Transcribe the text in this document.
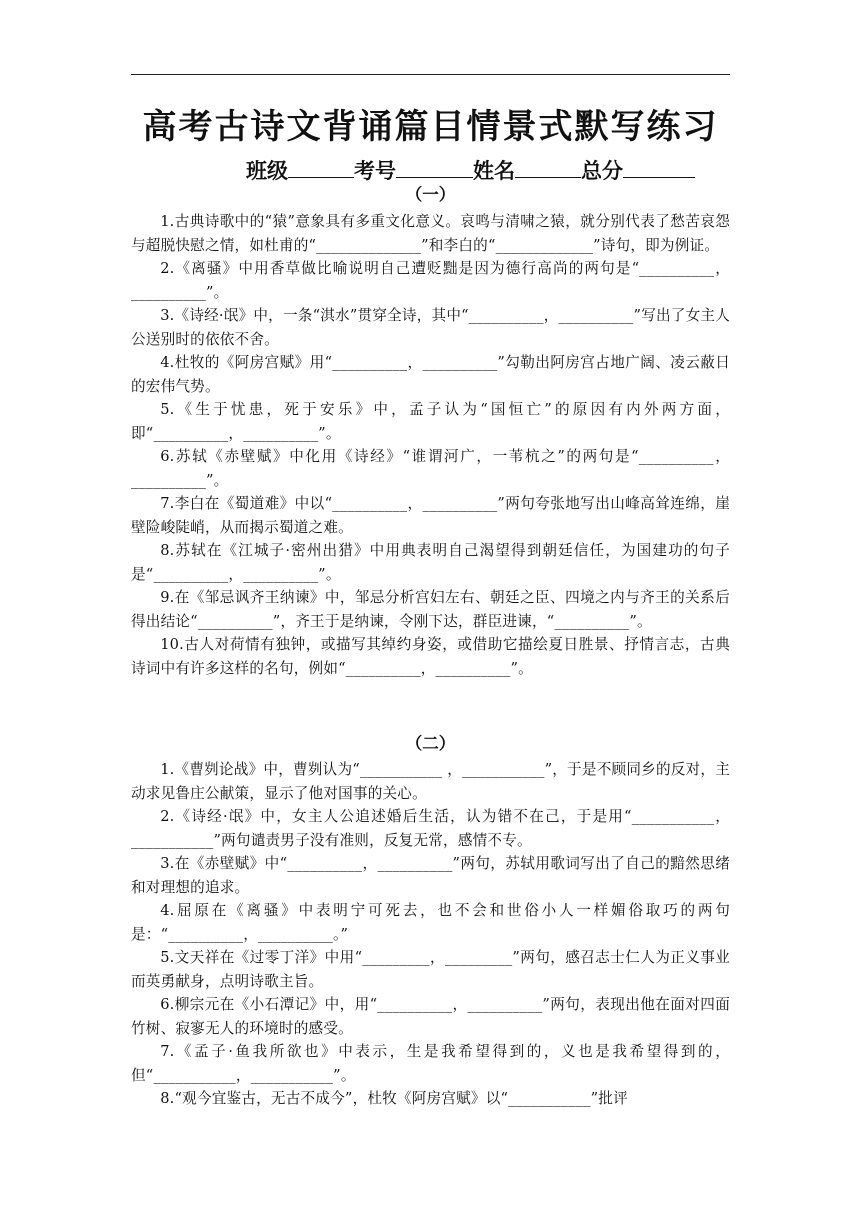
高考古诗文背诵篇目情景式默写练习
班级	考号	姓名	总分
（一）

1.古典诗歌中的“猿”意象具有多重文化意义。哀鸣与清啸之猿，就分别代表了愁苦哀怨与超脱快慰之情，如杜甫的“______________”和李白的“_____________”诗句，即为例证。

2.《离骚》中用香草做比喻说明自己遭贬黜是因为德行高尚的两句是“__________，__________”。

3.《诗经·氓》中，一条“淇水”贯穿全诗，其中“__________，__________”写出了女主人公送别时的依依不舍。

4.杜牧的《阿房宫赋》用“__________，__________”勾勒出阿房宫占地广阔、凌云蔽日的宏伟气势。

5.《生于忧患，死于安乐》中，孟子认为“国恒亡”的原因有内外两方面，即“__________，__________”。

6.苏轼《赤壁赋》中化用《诗经》“谁谓河广，一苇杭之”的两句是“__________，__________”。

7.李白在《蜀道难》中以“__________，__________”两句夸张地写出山峰高耸连绵，崖壁险峻陡峭，从而揭示蜀道之难。

8.苏轼在《江城子·密州出猎》中用典表明自己渴望得到朝廷信任，为国建功的句子是“__________，__________”。

9.在《邹忌讽齐王纳谏》中，邹忌分析宫妇左右、朝廷之臣、四境之内与齐王的关系后得出结论“__________”，齐王于是纳谏，令刚下达，群臣进谏，“__________”。

10.古人对荷情有独钟，或描写其绰约身姿，或借助它描绘夏日胜景、抒情言志，古典诗词中有许多这样的名句，例如“__________，__________”。

（二）

1.《曹刿论战》中，曹刿认为“___________ ，___________”，于是不顾同乡的反对，主动求见鲁庄公献策，显示了他对国事的关心。

2.《诗经·氓》中，女主人公追述婚后生活，认为错不在己，于是用“___________，___________”两句谴责男子没有准则，反复无常，感情不专。

3.在《赤壁赋》中“__________，__________”两句，苏轼用歌词写出了自己的黯然思绪和对理想的追求。

4.屈原在《离骚》中表明宁可死去，也不会和世俗小人一样媚俗取巧的两句是：“__________，__________。”

5.文天祥在《过零丁洋》中用“_________，_________”两句，感召志士仁人为正义事业而英勇献身，点明诗歌主旨。

6.柳宗元在《小石潭记》中，用“__________，__________”两句，表现出他在面对四面竹树、寂寥无人的环境时的感受。

7.《孟子·鱼我所欲也》中表示，生是我希望得到的，义也是我希望得到的，但“___________，___________”。

8.“观今宜鉴古，无古不成今”，杜牧《阿房宫赋》以“___________”批评
